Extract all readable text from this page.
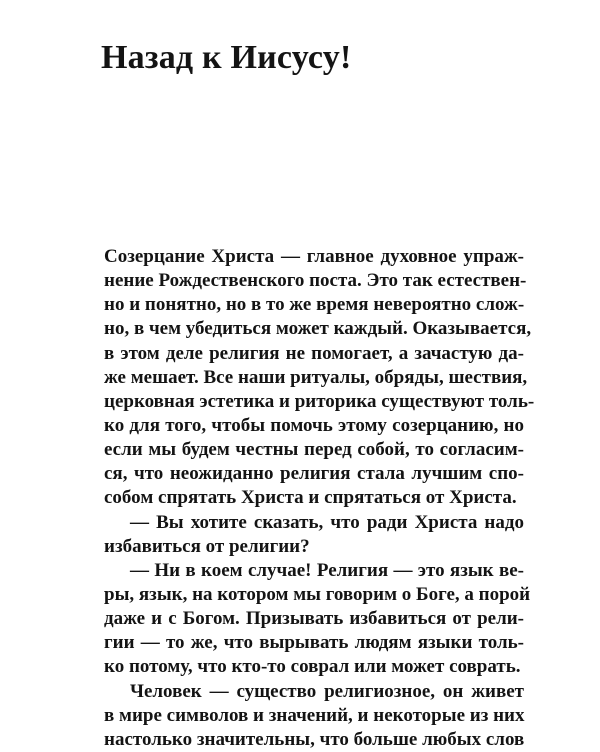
Назад к Иисусу!
Созерцание Христа — главное духовное упраж-
нение Рождественского поста. Это так естествен-
но и понятно, но в то же время невероятно слож-
но, в чем убедиться может каждый. Оказывается,
в этом деле религия не помогает, а зачастую да-
же мешает. Все наши ритуалы, обряды, шествия,
церковная эстетика и риторика существуют толь-
ко для того, чтобы помочь этому созерцанию, но
если мы будем честны перед собой, то согласим-
ся, что неожиданно религия стала лучшим спо-
собом спрятать Христа и спрятаться от Христа.
— Вы хотите сказать, что ради Христа надо
избавиться от религии?
— Ни в коем случае! Религия — это язык ве-
ры, язык, на котором мы говорим о Боге, а порой
даже и с Богом. Призывать избавиться от рели-
гии — то же, что вырывать людям языки толь-
ко потому, что кто-то соврал или может соврать.
Человек — существо религиозное, он живет
в мире символов и значений, и некоторые из них
настолько значительны, что больше любых слов
